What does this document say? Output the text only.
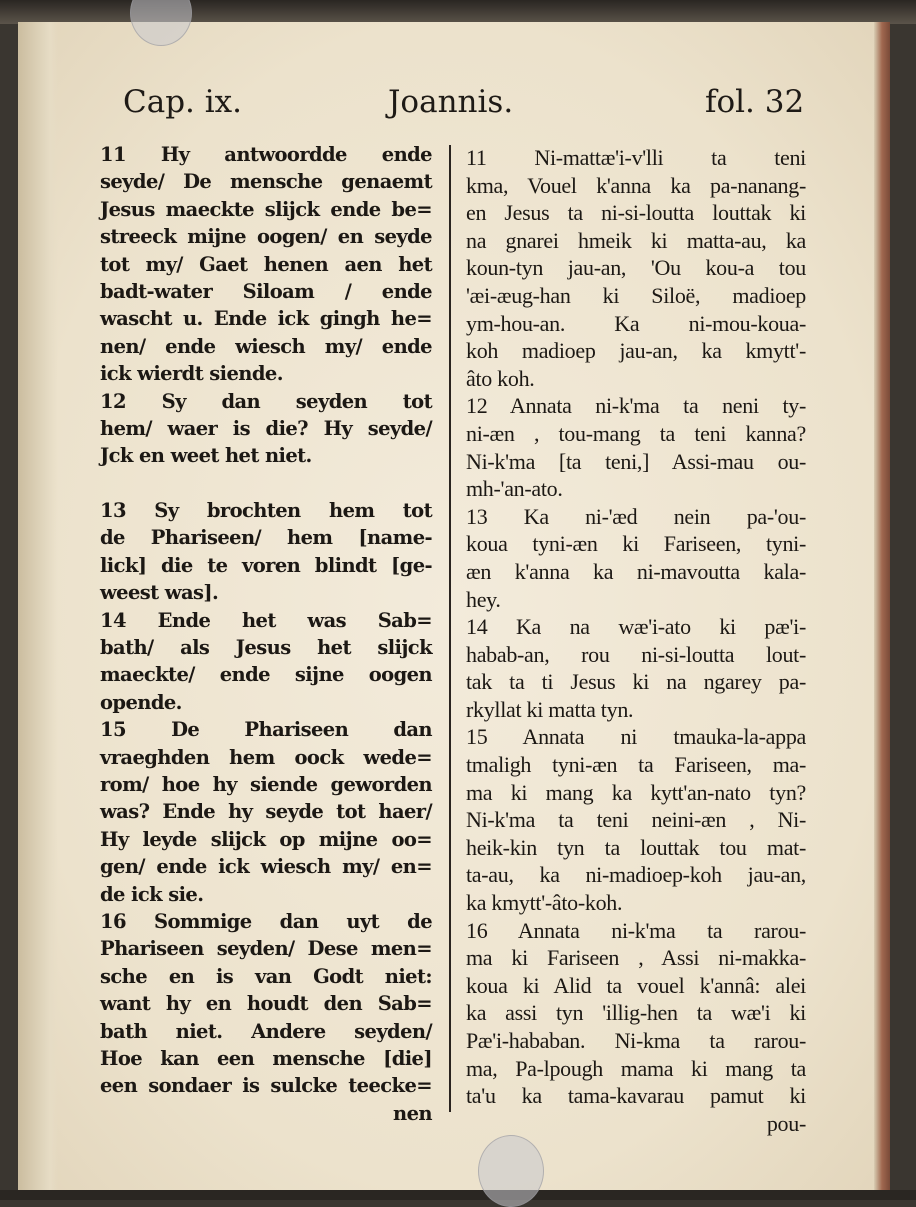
Cap. ix.	Joannis.	fol. 32
11 Hy antwoordde ende
seyde/ De mensche genaemt
Jesus maeckte slijck ende be=
streeck mijne oogen/ en seyde
tot my/ Gaet henen aen het
badt-water Siloam / ende
wascht u. Ende ick gingh he=
nen/ ende wiesch my/ ende
ick wierdt siende.
12 Sy dan seyden tot
hem/ waer is die? Hy seyde/
Jck en weet het niet.
13 Sy brochten hem tot
de Phariseen/ hem [name-
lick] die te voren blindt [ge-
weest was].
14 Ende het was Sab=
bath/ als Jesus het slijck
maeckte/ ende sijne oogen
opende.
15 De Phariseen dan
vraeghden hem oock wede=
rom/ hoe hy siende geworden
was? Ende hy seyde tot haer/
Hy leyde slijck op mijne oo=
gen/ ende ick wiesch my/ en=
de ick sie.
16 Sommige dan uyt de
Phariseen seyden/ Dese men=
sche en is van Godt niet:
want hy en houdt den Sab=
bath niet. Andere seyden/
Hoe kan een mensche [die]
een sondaer is sulcke teecke=
nen
11 Ni-mattæ'i-v'lli ta teni
kma, Vouel k'anna ka pa-nanang-
en Jesus ta ni-si-loutta louttak ki
na gnarei hmeik ki matta-au, ka
koun-tyn jau-an, 'Ou kou-a tou
'æi-æug-han ki Siloë, madioep
ym-hou-an. Ka ni-mou-koua-
koh madioep jau-an, ka kmytt'-
âto koh.
12 Annata ni-k'ma ta neni ty-
ni-æn , tou-mang ta teni kanna?
Ni-k'ma [ta teni,] Assi-mau ou-
mh-'an-ato.
13 Ka ni-'æd nein pa-'ou-
koua tyni-æn ki Fariseen, tyni-
æn k'anna ka ni-mavoutta kala-
hey.
14 Ka na wæ'i-ato ki pæ'i-
habab-an, rou ni-si-loutta lout-
tak ta ti Jesus ki na ngarey pa-
rkyllat ki matta tyn.
15 Annata ni tmauka-la-appa
tmaligh tyni-æn ta Fariseen, ma-
ma ki mang ka kytt'an-nato tyn?
Ni-k'ma ta teni neini-æn , Ni-
heik-kin tyn ta louttak tou mat-
ta-au, ka ni-madioep-koh jau-an,
ka kmytt'-âto-koh.
16 Annata ni-k'ma ta rarou-
ma ki Fariseen , Assi ni-makka-
koua ki Alid ta vouel k'annâ: alei
ka assi tyn 'illig-hen ta wæ'i ki
Pæ'i-hababan. Ni-kma ta rarou-
ma, Pa-lpough mama ki mang ta
ta'u ka tama-kavarau pamut ki
pou-
